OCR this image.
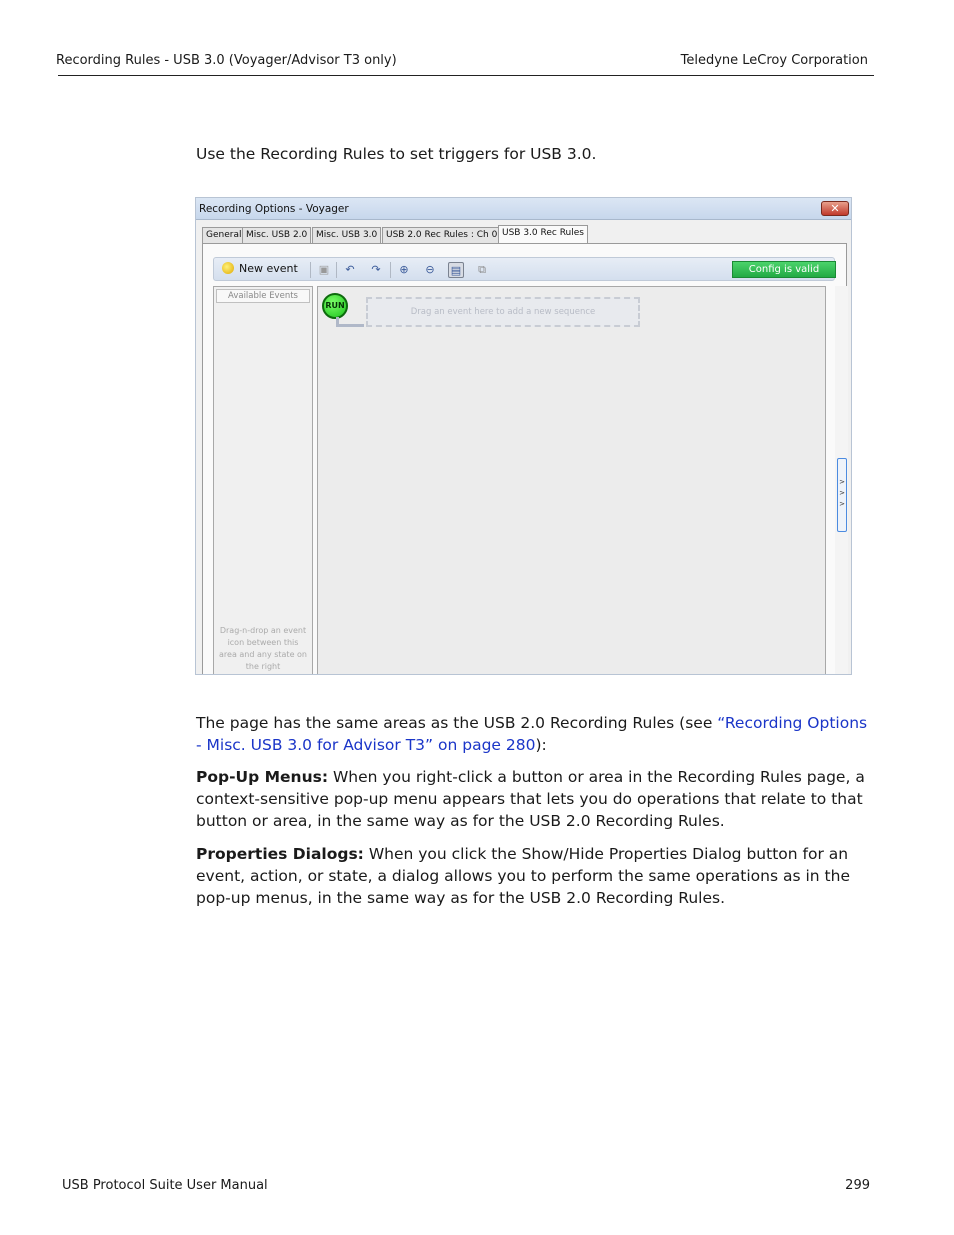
Recording Rules - USB 3.0 (Voyager/Advisor T3 only)	Teledyne LeCroy Corporation

Use the Recording Rules to set triggers for USB 3.0.

Recording Options - Voyager	✕
General Misc. USB 2.0 Misc. USB 3.0 USB 2.0 Rec Rules : Ch 0 USB 3.0 Rec Rules
New event ▣	↶	↷	⊕	⊖	▤	⧉	Config is valid
Available Events
Drag-n-drop an event icon between this area and any state on the right
RUN
Drag an event here to add a new sequence
> > >

The page has the same areas as the USB 2.0 Recording Rules (see “Recording Options - Misc. USB 3.0 for Advisor T3” on page 280):

Pop-Up Menus: When you right-click a button or area in the Recording Rules page, a context-sensitive pop-up menu appears that lets you do operations that relate to that button or area, in the same way as for the USB 2.0 Recording Rules.

Properties Dialogs: When you click the Show/Hide Properties Dialog button for an event, action, or state, a dialog allows you to perform the same operations as in the pop-up menus, in the same way as for the USB 2.0 Recording Rules.

USB Protocol Suite User Manual	299
